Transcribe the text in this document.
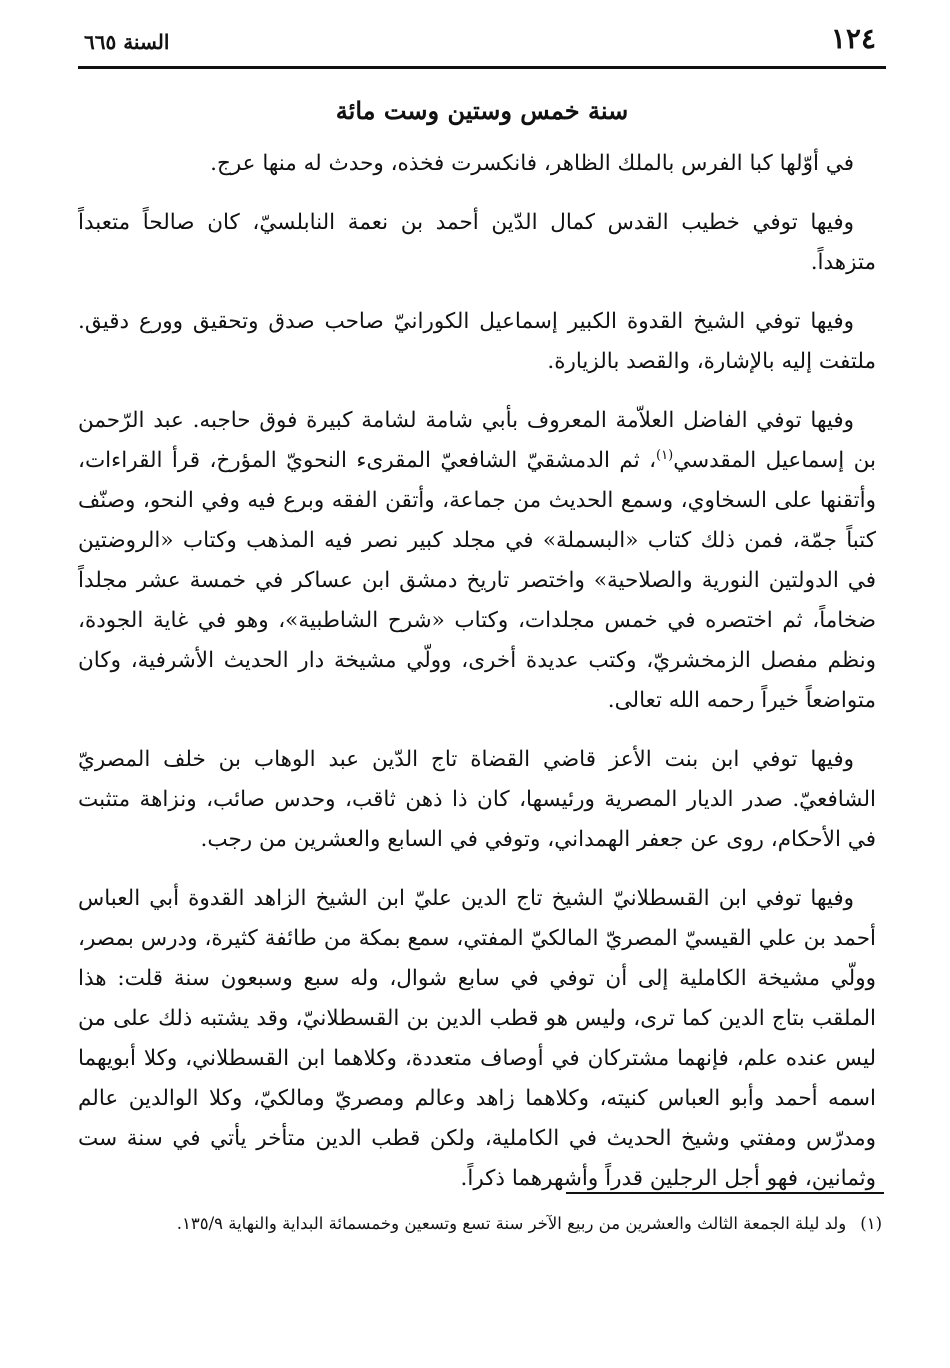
١٢٤
السنة ٦٦٥
سنة خمس وستين وست مائة

في أوّلها كبا الفرس بالملك الظاهر، فانكسرت فخذه، وحدث له منها عرج.

وفيها توفي خطيب القدس كمال الدّين أحمد بن نعمة النابلسيّ، كان صالحاً متعبداً متزهداً.

وفيها توفي الشيخ القدوة الكبير إسماعيل الكورانيّ صاحب صدق وتحقيق وورع دقيق. ملتفت إليه بالإشارة، والقصد بالزيارة.

وفيها توفي الفاضل العلاّمة المعروف بأبي شامة لشامة كبيرة فوق حاجبه. عبد الرّحمن بن إسماعيل المقدسي$^{(١)}$، ثم الدمشقيّ الشافعيّ المقرىء النحويّ المؤرخ، قرأ القراءات، وأتقنها على السخاوي، وسمع الحديث من جماعة، وأتقن الفقه وبرع فيه وفي النحو، وصنّف كتباً جمّة، فمن ذلك كتاب «البسملة» في مجلد كبير نصر فيه المذهب وكتاب «الروضتين في الدولتين النورية والصلاحية» واختصر تاريخ دمشق ابن عساكر في خمسة عشر مجلداً ضخاماً، ثم اختصره في خمس مجلدات، وكتاب «شرح الشاطبية»، وهو في غاية الجودة، ونظم مفصل الزمخشريّ، وكتب عديدة أخرى، وولّي مشيخة دار الحديث الأشرفية، وكان متواضعاً خيراً رحمه الله تعالى.

وفيها توفي ابن بنت الأعز قاضي القضاة تاج الدّين عبد الوهاب بن خلف المصريّ الشافعيّ. صدر الديار المصرية ورئيسها، كان ذا ذهن ثاقب، وحدس صائب، ونزاهة متثبت في الأحكام، روى عن جعفر الهمداني، وتوفي في السابع والعشرين من رجب.

وفيها توفي ابن القسطلانيّ الشيخ تاج الدين عليّ ابن الشيخ الزاهد القدوة أبي العباس أحمد بن علي القيسيّ المصريّ المالكيّ المفتي، سمع بمكة من طائفة كثيرة، ودرس بمصر، وولّي مشيخة الكاملية إلى أن توفي في سابع شوال، وله سبع وسبعون سنة قلت: هذا الملقب بتاج الدين كما ترى، وليس هو قطب الدين بن القسطلانيّ، وقد يشتبه ذلك على من ليس عنده علم، فإنهما مشتركان في أوصاف متعددة، وكلاهما ابن القسطلاني، وكلا أبويهما اسمه أحمد وأبو العباس كنيته، وكلاهما زاهد وعالم ومصريّ ومالكيّ، وكلا الوالدين عالم ومدرّس ومفتي وشيخ الحديث في الكاملية، ولكن قطب الدين متأخر يأتي في سنة ست وثمانين، فهو أجل الرجلين قدراً وأشهرهما ذكراً.

(١)ولد ليلة الجمعة الثالث والعشرين من ربيع الآخر سنة تسع وتسعين وخمسمائة البداية والنهاية ١٣٥/٩.
